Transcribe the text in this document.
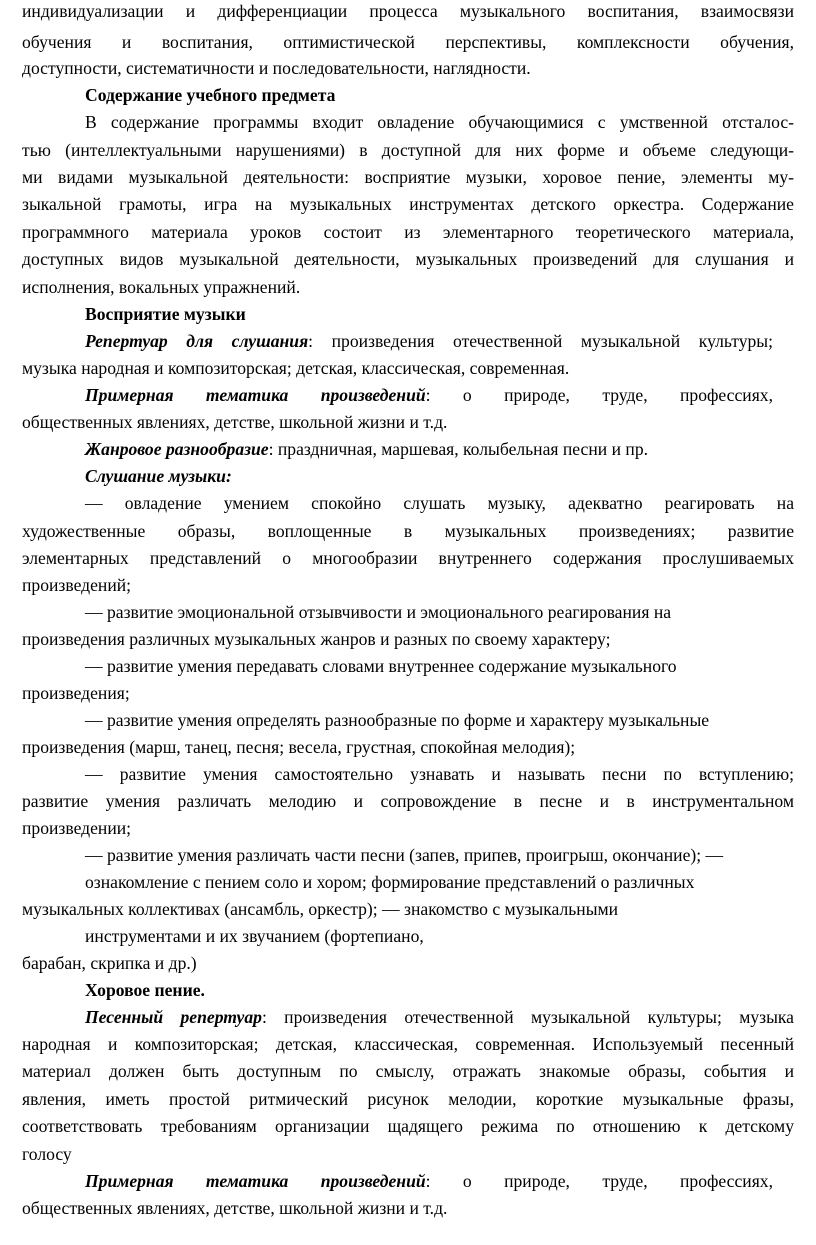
индивидуализации и дифференциации процесса музыкального воспитания, взаимосвязи
обучения и воспитания, оптимистической перспективы, комплексности обучения,
доступности, систематичности и последовательности, наглядности.
Содержание учебного предмета
В содержание программы входит овладение обучающимися с умственной отсталос-
тью (интеллектуальными нарушениями) в доступной для них форме и объеме следующи-
ми видами музыкальной деятельности: восприятие музыки, хоровое пение, элементы му-
зыкальной грамоты, игра на музыкальных инструментах детского оркестра. Содержание
программного материала уроков состоит из элементарного теоретического материала,
доступных видов музыкальной деятельности, музыкальных произведений для слушания и
исполнения, вокальных упражнений.
Восприятие музыки
Репертуар для слушания: произведения отечественной музыкальной культуры;
музыка народная и композиторская; детская, классическая, современная.
Примерная тематика произведений: о природе, труде, профессиях,
общественных явлениях, детстве, школьной жизни и т.д.
Жанровое разнообразие: праздничная, маршевая, колыбельная песни и пр.
Слушание музыки:
— овладение умением спокойно слушать музыку, адекватно реагировать на
художественные образы, воплощенные в музыкальных произведениях; развитие
элементарных представлений о многообразии внутреннего содержания прослушиваемых
произведений;
— развитие эмоциональной отзывчивости и эмоционального реагирования на
произведения различных музыкальных жанров и разных по своему характеру;
— развитие умения передавать словами внутреннее содержание музыкального
произведения;
— развитие умения определять разнообразные по форме и характеру музыкальные
произведения (марш, танец, песня; весела, грустная, спокойная мелодия);
— развитие умения самостоятельно узнавать и называть песни по вступлению;
развитие умения различать мелодию и сопровождение в песне и в инструментальном
произведении;
— развитие умения различать части песни (запев, припев, проигрыш, окончание); —
ознакомление с пением соло и хором; формирование представлений о различных
музыкальных коллективах (ансамбль, оркестр); — знакомство с музыкальными
инструментами и их звучанием (фортепиано,
барабан, скрипка и др.)
Хоровое пение.
Песенный репертуар: произведения отечественной музыкальной культуры; музыка
народная и композиторская; детская, классическая, современная. Используемый песенный
материал должен быть доступным по смыслу, отражать знакомые образы, события и
явления, иметь простой ритмический рисунок мелодии, короткие музыкальные фразы,
соответствовать требованиям организации щадящего режима по отношению к детскому
голосу
Примерная тематика произведений: о природе, труде, профессиях,
общественных явлениях, детстве, школьной жизни и т.д.
